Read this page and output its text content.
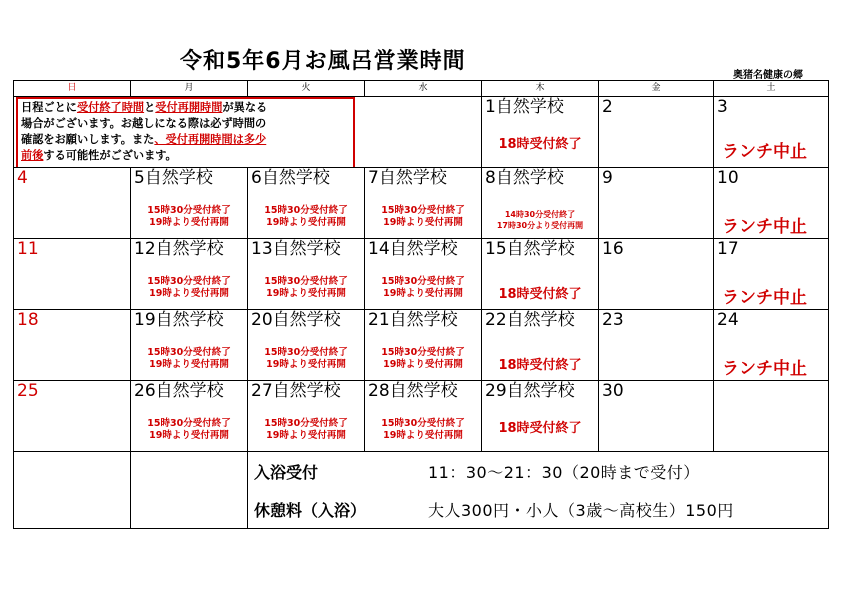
令和5年6月お風呂営業時間
奥猪名健康の郷
日	月	火	水	木	金	土

日程ごとに受付終了時間と受付再開時間が異なる
場合がございます。お越しになる際は必ず時間の
確認をお願いします。また、受付再開時間は多少
前後する可能性がございます。				1自然学校
18時受付終了	2	3
ランチ中止

4	5自然学校
15時30分受付終了
19時より受付再開	6自然学校
15時30分受付終了
19時より受付再開	7自然学校
15時30分受付終了
19時より受付再開	8自然学校
14時30分受付終了
17時30分より受付再開	9	10
ランチ中止

11	12自然学校
15時30分受付終了
19時より受付再開	13自然学校
15時30分受付終了
19時より受付再開	14自然学校
15時30分受付終了
19時より受付再開	15自然学校
18時受付終了	16	17
ランチ中止

18	19自然学校
15時30分受付終了
19時より受付再開	20自然学校
15時30分受付終了
19時より受付再開	21自然学校
15時30分受付終了
19時より受付再開	22自然学校
18時受付終了	23	24
ランチ中止

25	26自然学校
15時30分受付終了
19時より受付再開	27自然学校
15時30分受付終了
19時より受付再開	28自然学校
15時30分受付終了
19時より受付再開	29自然学校
18時受付終了	30	

		入浴受付 11：30～21：30（20時まで受付）
休憩料（入浴） 大人300円・小人（3歳～高校生）150円				
